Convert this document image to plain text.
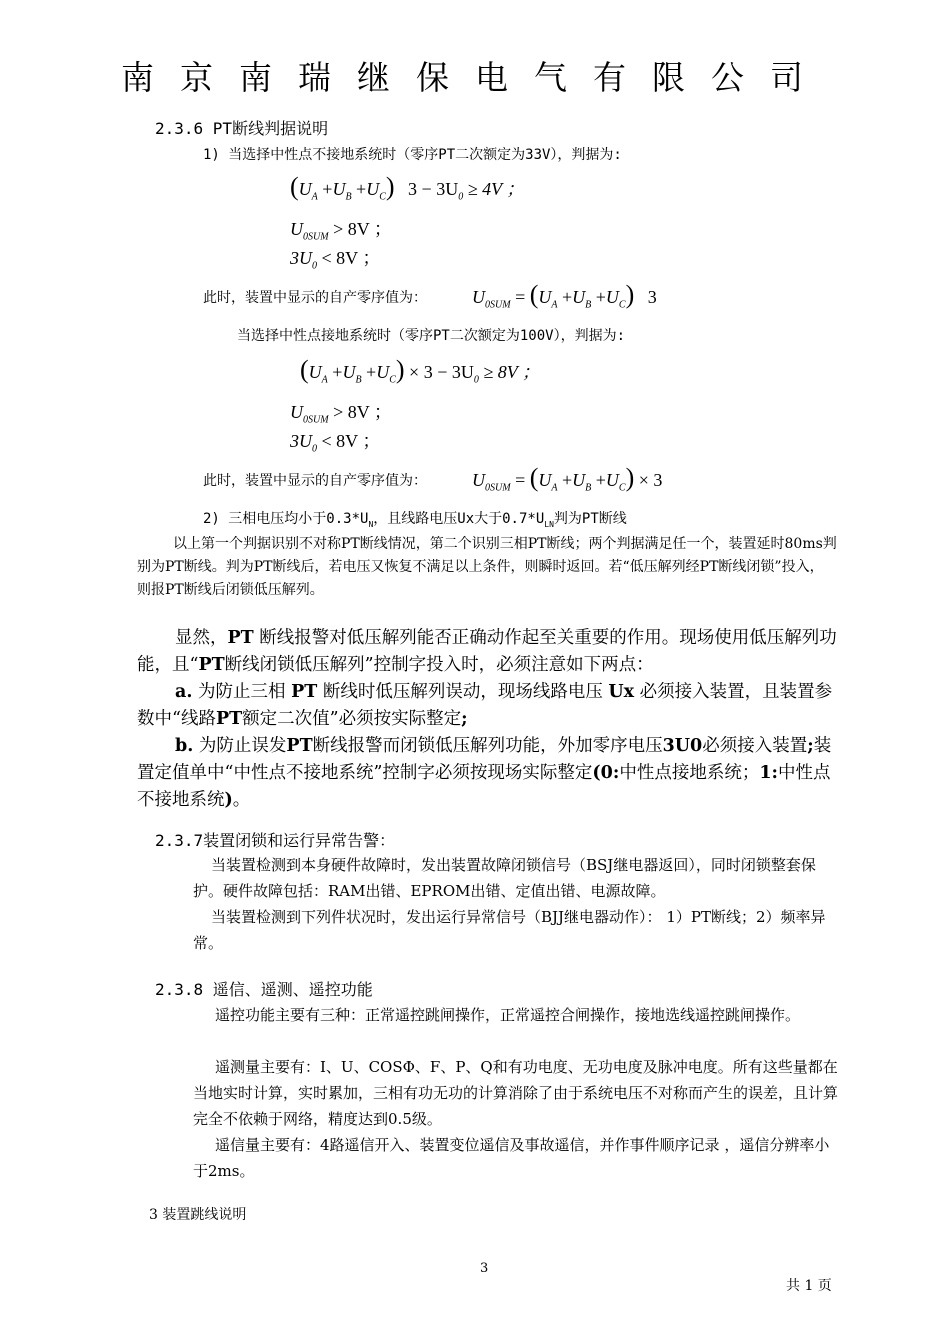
南京南瑞继保电气有限公司
2.3.6 PT断线判据说明
1) 当选择中性点不接地系统时（零序PT二次额定为33V），判据为:
$(U_A +U_B +U_C) 3 - 3U_0 \ge 4V$ ；
$U_{0SUM} > 8V$ ；
$3U_0 < 8V$ ；
此时，装置中显示的自产零序值为：	$U_{0SUM} = (U_A +U_B +U_C)$ 3
当选择中性点接地系统时（零序PT二次额定为100V），判据为:
$(U_A +U_B +U_C) \times 3 - 3U_0 \ge 8V$ ；
$U_{0SUM} > 8V$ ；
$3U_0 < 8V$ ；
此时，装置中显示的自产零序值为：	$U_{0SUM} = (U_A +U_B +U_C) \times 3$
2) 三相电压均小于$0.3*U_N$，且线路电压Ux大于$0.7*U_{LN}$判为PT断线
以上第一个判据识别不对称PT断线情况，第二个识别三相PT断线；两个判据满足任一个，装置延时80ms判别为PT断线。判为PT断线后，若电压又恢复不满足以上条件，则瞬时返回。若“低压解列经PT断线闭锁”投入，则报PT断线后闭锁低压解列。
显然，PT 断线报警对低压解列能否正确动作起至关重要的作用。现场使用低压解列功能，且“PT断线闭锁低压解列”控制字投入时，必须注意如下两点：
a. 为防止三相 PT 断线时低压解列误动，现场线路电压 Ux 必须接入装置，且装置参数中“线路PT额定二次值”必须按实际整定;
b. 为防止误发PT断线报警而闭锁低压解列功能，外加零序电压3U0必须接入装置;装置定值单中“中性点不接地系统”控制字必须按现场实际整定(0:中性点接地系统；1:中性点不接地系统)。
2.3.7装置闭锁和运行异常告警：
当装置检测到本身硬件故障时，发出装置故障闭锁信号（BSJ继电器返回），同时闭锁整套保护。硬件故障包括：RAM出错、EPROM出错、定值出错、电源故障。
当装置检测到下列件状况时，发出运行异常信号（BJJ继电器动作）： 1）PT断线；2）频率异常。
2.3.8 遥信、遥测、遥控功能
遥控功能主要有三种：正常遥控跳闸操作，正常遥控合闸操作，接地选线遥控跳闸操作。
遥测量主要有：I、U、COSΦ、F、P、Q和有功电度、无功电度及脉冲电度。所有这些量都在当地实时计算，实时累加，三相有功无功的计算消除了由于系统电压不对称而产生的误差，且计算完全不依赖于网络，精度达到0.5级。
遥信量主要有：4路遥信开入、装置变位遥信及事故遥信，并作事件顺序记录 ，遥信分辨率小于2ms。
3 装置跳线说明
3
共 1 页
